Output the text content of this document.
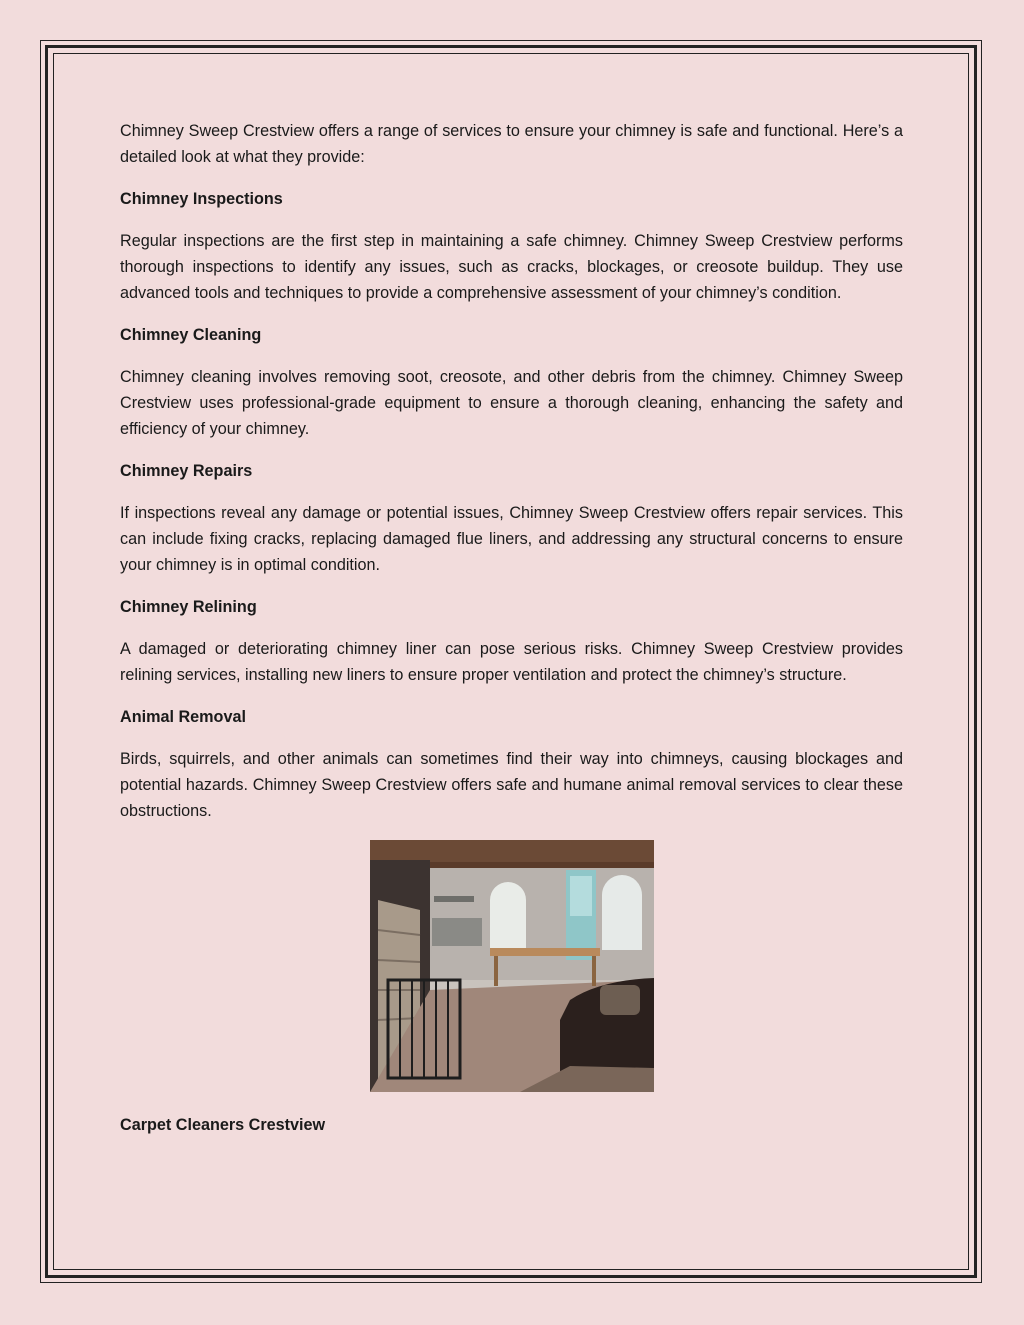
Chimney Sweep Crestview offers a range of services to ensure your chimney is safe and functional. Here’s a detailed look at what they provide:

Chimney Inspections

Regular inspections are the first step in maintaining a safe chimney. Chimney Sweep Crestview performs thorough inspections to identify any issues, such as cracks, blockages, or creosote buildup. They use advanced tools and techniques to provide a comprehensive assessment of your chimney’s condition.

Chimney Cleaning

Chimney cleaning involves removing soot, creosote, and other debris from the chimney. Chimney Sweep Crestview uses professional-grade equipment to ensure a thorough cleaning, enhancing the safety and efficiency of your chimney.

Chimney Repairs

If inspections reveal any damage or potential issues, Chimney Sweep Crestview offers repair services. This can include fixing cracks, replacing damaged flue liners, and addressing any structural concerns to ensure your chimney is in optimal condition.

Chimney Relining

A damaged or deteriorating chimney liner can pose serious risks. Chimney Sweep Crestview provides relining services, installing new liners to ensure proper ventilation and protect the chimney’s structure.

Animal Removal

Birds, squirrels, and other animals can sometimes find their way into chimneys, causing blockages and potential hazards. Chimney Sweep Crestview offers safe and humane animal removal services to clear these obstructions.

Carpet Cleaners Crestview
